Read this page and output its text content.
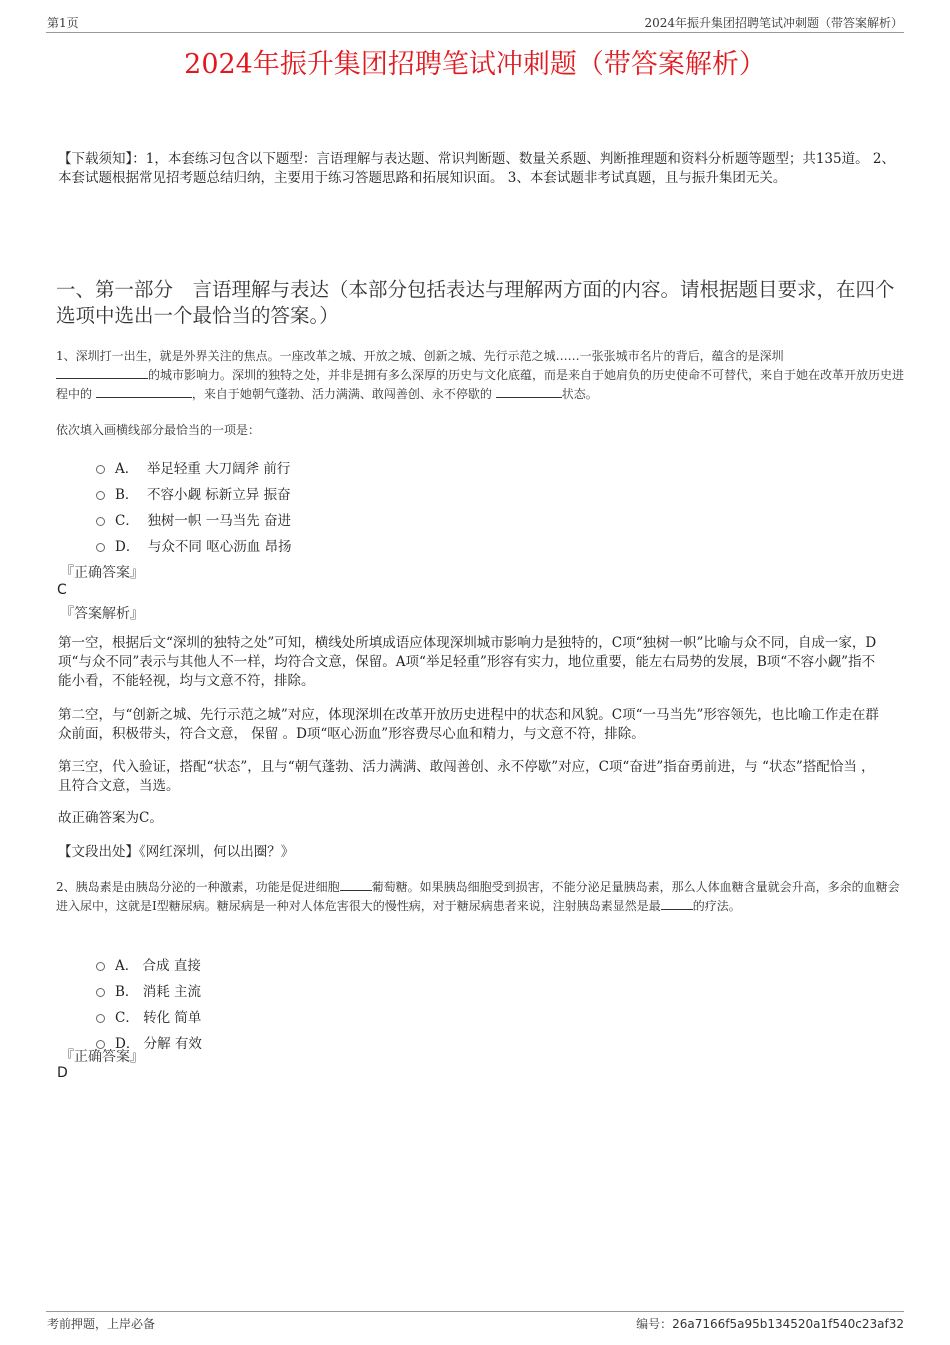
第1页	2024年振升集团招聘笔试冲刺题（带答案解析）
2024年振升集团招聘笔试冲刺题（带答案解析）
【下载须知】：1，本套练习包含以下题型：言语理解与表达题、常识判断题、数量关系题、判断推理题和资料分析题等题型；共135道。 2、本套试题根据常见招考题总结归纳，主要用于练习答题思路和拓展知识面。 3、本套试题非考试真题，且与振升集团无关。
一、第一部分　言语理解与表达（本部分包括表达与理解两方面的内容。请根据题目要求，在四个选项中选出一个最恰当的答案。）
1、深圳打一出生，就是外界关注的焦点。一座改革之城、开放之城、创新之城、先行示范之城……一张张城市名片的背后，蕴含的是深圳
的城市影响力。深圳的独特之处，并非是拥有多么深厚的历史与文化底蕴，而是来自于她肩负的历史使命不可替代，来自于她在改革开放历史进程中的	，来自于她朝气蓬勃、活力满满、敢闯善创、永不停歇的	状态。
依次填入画横线部分最恰当的一项是：
A． 举足轻重 大刀阔斧 前行
B． 不容小觑 标新立异 振奋
C． 独树一帜 一马当先 奋进
D． 与众不同 呕心沥血 昂扬
『正确答案』
C
『答案解析』
第一空，根据后文“深圳的独特之处”可知，横线处所填成语应体现深圳城市影响力是独特的，C项“独树一帜”比喻与众不同，自成一家，D项“与众不同”表示与其他人不一样，均符合文意，保留。A项“举足轻重”形容有实力，地位重要，能左右局势的发展，B项“不容小觑”指不能小看，不能轻视，均与文意不符，排除。
第二空，与“创新之城、先行示范之城”对应，体现深圳在改革开放历史进程中的状态和风貌。C项“一马当先”形容领先，也比喻工作走在群众前面，积极带头，符合文意， 保留 。D项“呕心沥血”形容费尽心血和精力，与文意不符，排除。
第三空，代入验证，搭配“状态”，且与“朝气蓬勃、活力满满、敢闯善创、永不停歇”对应，C项“奋进”指奋勇前进，与 “状态”搭配恰当 ，且符合文意，当选。
故正确答案为C。
【文段出处】《网红深圳，何以出圈？》
2、胰岛素是由胰岛分泌的一种激素，功能是促进细胞	葡萄糖。如果胰岛细胞受到损害，不能分泌足量胰岛素，那么人体血糖含量就会升高，多余的血糖会进入尿中，这就是I型糖尿病。糖尿病是一种对人体危害很大的慢性病，对于糖尿病患者来说，注射胰岛素显然是最	的疗法。
A． 合成 直接
B． 消耗 主流
C． 转化 简单
D． 分解 有效
『正确答案』
D
考前押题，上岸必备	编号：26a7166f5a95b134520a1f540c23af32
